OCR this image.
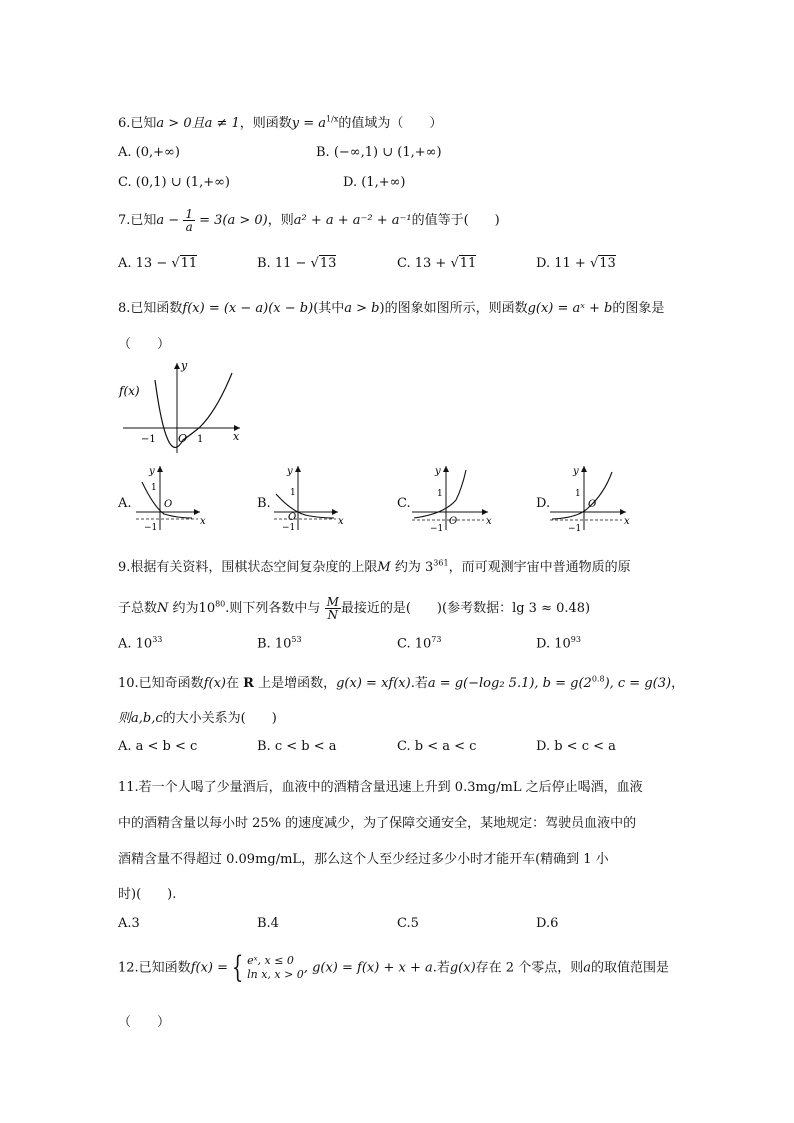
6.已知a > 0且a ≠ 1，则函数$y = a^{1/x}$的值域为（　　）
A. (0,+∞)	B. (−∞,1) ∪ (1,+∞)
C. (0,1) ∪ (1,+∞)	D. (1,+∞)
7.已知$a - \frac{1}{a} = 3(a > 0)$，则a² + a + a⁻² + a⁻¹的值等于(　　)
A. 13 − √11	B. 11 − √13	C. 13 + √11	D. 11 + √13
8.已知函数f(x) = (x − a)(x − b)(其中a > b)的图象如图所示，则函数g(x) = aˣ + b的图象是
（　　）
y
f(x)
x
O
−1	1
A.
y
1
O
x
−1
B.
y
1
O	x
−1
C.
y
1
O	x
−1
D.
y
1
O
x
−1
9.根据有关资料，围棋状态空间复杂度的上限M 约为 $3^{361}$，而可观测宇宙中普通物质的原
子总数N 约为$10^{80}$.则下列各数中与 $\frac{M}{N}$ 最接近的是(　　)(参考数据：lg 3 ≈ 0.48)
A. $10^{33}$	B. $10^{53}$	C. $10^{73}$	D. $10^{93}$
10.已知奇函数f(x)在 R 上是增函数，g(x) = xf(x).若a = g(−log₂ 5.1), $b = g(2^{0.8})$, c = g(3)，
则a,b,c的大小关系为(　　)
A. a < b < c	B. c < b < a	C. b < a < c	D. b < c < a
11.若一个人喝了少量酒后，血液中的酒精含量迅速上升到 0.3mg/mL 之后停止喝酒，血液
中的酒精含量以每小时 25% 的速度减少，为了保障交通安全，某地规定：驾驶员血液中的
酒精含量不得超过 0.09mg/mL，那么这个人至少经过多少小时才能开车(精确到 1 小
时)(　　).
A.3	B.4	C.5	D.6
12.已知函数f(x) = { eˣ, x ≤ 0
ln x, x > 0 , g(x) = f(x) + x + a.若g(x)存在 2 个零点，则a的取值范围是
（　　）
